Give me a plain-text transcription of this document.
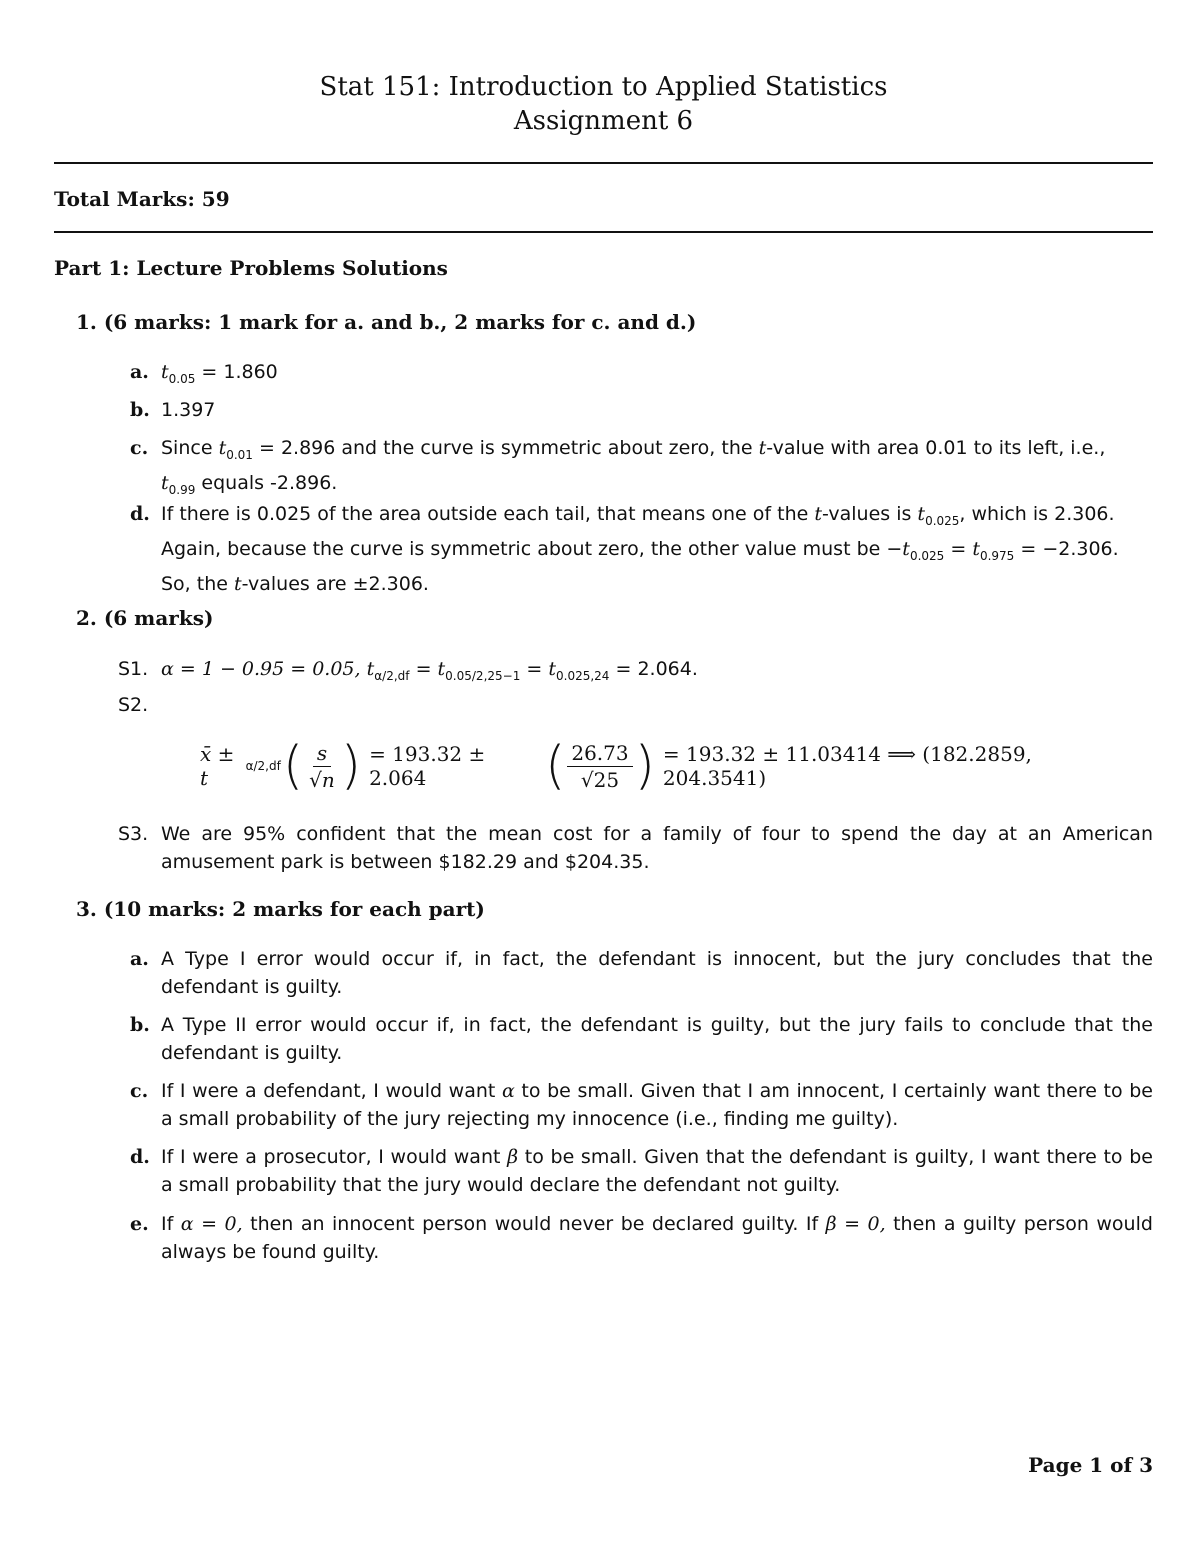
Stat 151: Introduction to Applied Statistics
Assignment 6
Total Marks: 59
Part 1: Lecture Problems Solutions
1. (6 marks: 1 mark for a. and b., 2 marks for c. and d.)
a. $t_{0.05} = 1.860$
b. 1.397
c. Since $t_{0.01} = 2.896$ and the curve is symmetric about zero, the t-value with area 0.01 to its left, i.e.,
$t_{0.99}$ equals -2.896.
d. If there is 0.025 of the area outside each tail, that means one of the t-values is $t_{0.025}$, which is 2.306.
Again, because the curve is symmetric about zero, the other value must be $-t_{0.025} = t_{0.975} = -2.306$.
So, the t-values are ±2.306.
2. (6 marks)
S1. α = 1 − 0.95 = 0.05, $t_{\alpha/2,df} = t_{0.05/2,25-1} = t_{0.025,24} = 2.064$.
S2.
x̄ ± t	α/2,df ( $\frac{s}{√n}$ ) = 193.32 ± 2.064	( $\frac{26.73}{√25}$ ) = 193.32 ± 11.03414 ⟹ (182.2859, 204.3541)
S3. We are 95% confident that the mean cost for a family of four to spend the day at an American amusement park is between $182.29 and $204.35.
3. (10 marks: 2 marks for each part)
a. A Type I error would occur if, in fact, the defendant is innocent, but the jury concludes that the defendant is guilty.
b. A Type II error would occur if, in fact, the defendant is guilty, but the jury fails to conclude that the defendant is guilty.
c. If I were a defendant, I would want α to be small. Given that I am innocent, I certainly want there to be a small probability of the jury rejecting my innocence (i.e., finding me guilty).
d. If I were a prosecutor, I would want β to be small. Given that the defendant is guilty, I want there to be a small probability that the jury would declare the defendant not guilty.
e. If α = 0, then an innocent person would never be declared guilty. If β = 0, then a guilty person would always be found guilty.
Page 1 of 3
